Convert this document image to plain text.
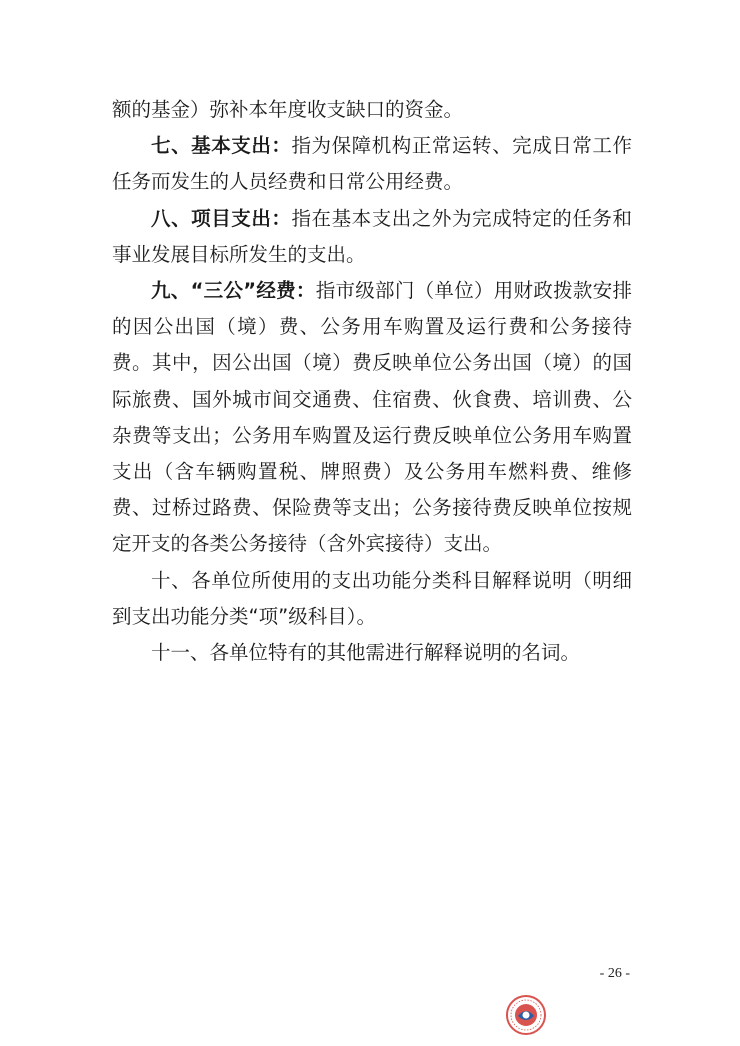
额的基金）弥补本年度收支缺口的资金。

七、基本支出：指为保障机构正常运转、完成日常工作任务而发生的人员经费和日常公用经费。

八、项目支出：指在基本支出之外为完成特定的任务和事业发展目标所发生的支出。

九、“三公”经费：指市级部门（单位）用财政拨款安排的因公出国（境）费、公务用车购置及运行费和公务接待费。其中，因公出国（境）费反映单位公务出国（境）的国际旅费、国外城市间交通费、住宿费、伙食费、培训费、公杂费等支出；公务用车购置及运行费反映单位公务用车购置支出（含车辆购置税、牌照费）及公务用车燃料费、维修费、过桥过路费、保险费等支出；公务接待费反映单位按规定开支的各类公务接待（含外宾接待）支出。

十、各单位所使用的支出功能分类科目解释说明（明细到支出功能分类“项”级科目）。

十一、各单位特有的其他需进行解释说明的名词。

- 26 -
